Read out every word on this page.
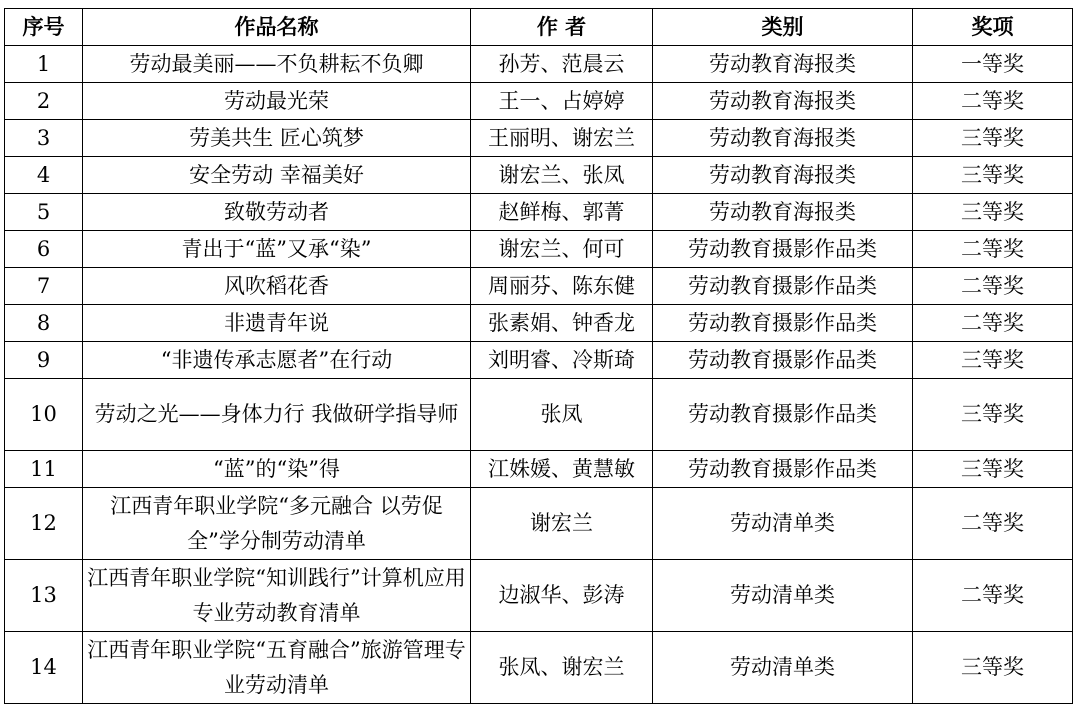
序号	作品名称	作 者	类别	奖项
1	劳动最美丽——不负耕耘不负卿	孙芳、范晨云	劳动教育海报类	一等奖
2	劳动最光荣	王一、占婷婷	劳动教育海报类	二等奖
3	劳美共生 匠心筑梦	王丽明、谢宏兰	劳动教育海报类	三等奖
4	安全劳动 幸福美好	谢宏兰、张凤	劳动教育海报类	三等奖
5	致敬劳动者	赵鲜梅、郭菁	劳动教育海报类	三等奖
6	青出于“蓝”又承“染”	谢宏兰、何可	劳动教育摄影作品类	二等奖
7	风吹稻花香	周丽芬、陈东健	劳动教育摄影作品类	二等奖
8	非遗青年说	张素娟、钟香龙	劳动教育摄影作品类	二等奖
9	“非遗传承志愿者”在行动	刘明睿、冷斯琦	劳动教育摄影作品类	三等奖
10	劳动之光——身体力行 我做研学指导师	张凤	劳动教育摄影作品类	三等奖
11	“蓝”的“染”得	江姝媛、黄慧敏	劳动教育摄影作品类	三等奖
12	江西青年职业学院“多元融合 以劳促全”学分制劳动清单	谢宏兰	劳动清单类	二等奖
13	江西青年职业学院“知训践行”计算机应用专业劳动教育清单	边淑华、彭涛	劳动清单类	二等奖
14	江西青年职业学院“五育融合”旅游管理专业劳动清单	张凤、谢宏兰	劳动清单类	三等奖
